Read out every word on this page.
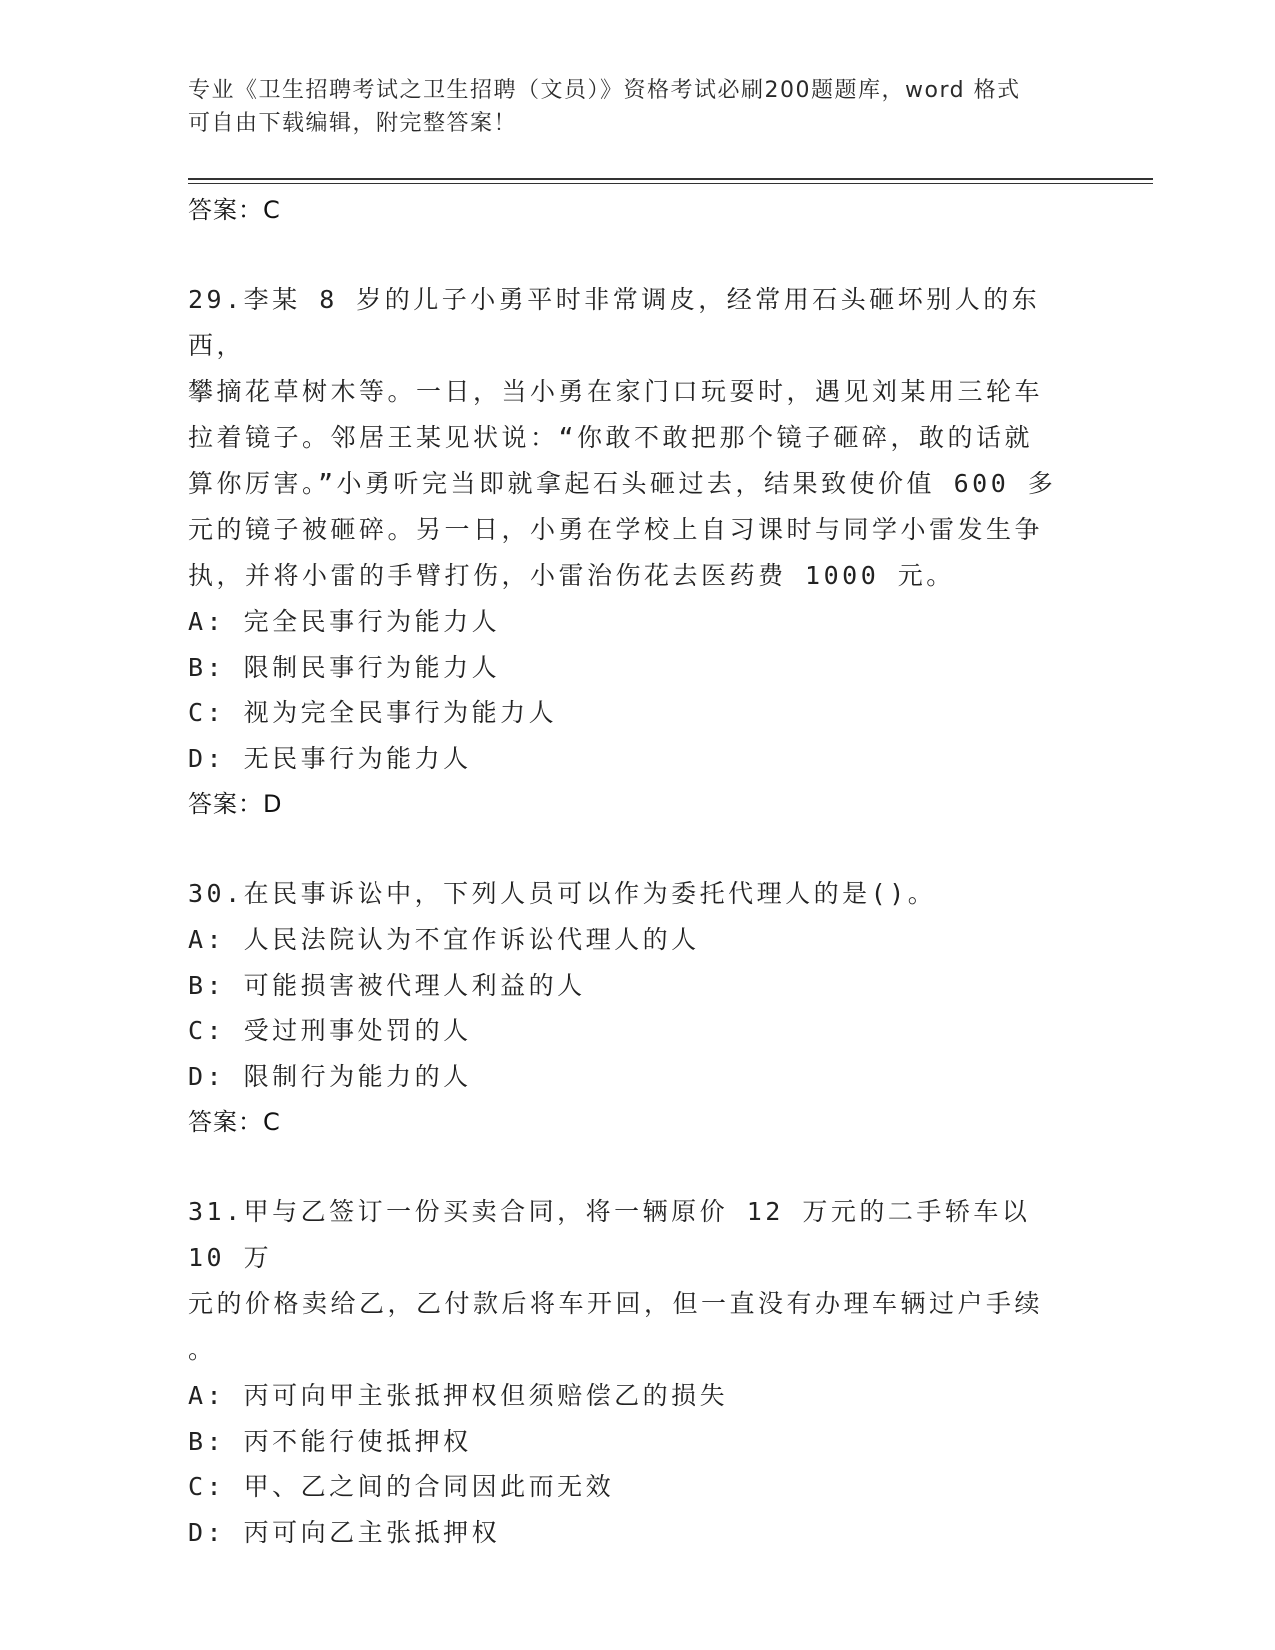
专业《卫生招聘考试之卫生招聘（文员）》资格考试必刷200题题库，word 格式
可自由下载编辑，附完整答案！
答案：C
29.李某 8 岁的儿子小勇平时非常调皮，经常用石头砸坏别人的东西，
攀摘花草树木等。一日，当小勇在家门口玩耍时，遇见刘某用三轮车
拉着镜子。邻居王某见状说：“你敢不敢把那个镜子砸碎，敢的话就
算你厉害。”小勇听完当即就拿起石头砸过去，结果致使价值 600 多
元的镜子被砸碎。另一日，小勇在学校上自习课时与同学小雷发生争
执，并将小雷的手臂打伤，小雷治伤花去医药费 1000 元。
A: 完全民事行为能力人
B: 限制民事行为能力人
C: 视为完全民事行为能力人
D: 无民事行为能力人
答案：D
30.在民事诉讼中，下列人员可以作为委托代理人的是()。
A: 人民法院认为不宜作诉讼代理人的人
B: 可能损害被代理人利益的人
C: 受过刑事处罚的人
D: 限制行为能力的人
答案：C
31.甲与乙签订一份买卖合同，将一辆原价 12 万元的二手轿车以 10 万
元的价格卖给乙，乙付款后将车开回，但一直没有办理车辆过户手续
。
A: 丙可向甲主张抵押权但须赔偿乙的损失
B: 丙不能行使抵押权
C: 甲、乙之间的合同因此而无效
D: 丙可向乙主张抵押权
